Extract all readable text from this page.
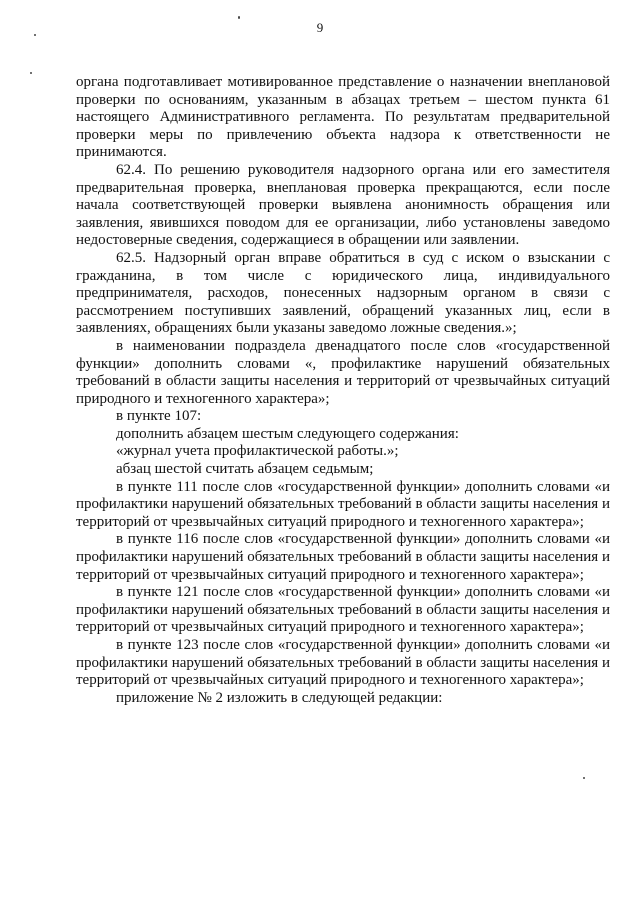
9

органа подготавливает мотивированное представление о назначении внеплановой проверки по основаниям, указанным в абзацах третьем – шестом пункта 61 настоящего Административного регламента. По результатам предварительной проверки меры по привлечению объекта надзора к ответственности не принимаются.

62.4. По решению руководителя надзорного органа или его заместителя предварительная проверка, внеплановая проверка прекращаются, если после начала соответствующей проверки выявлена анонимность обращения или заявления, явившихся поводом для ее организации, либо установлены заведомо недостоверные сведения, содержащиеся в обращении или заявлении.

62.5. Надзорный орган вправе обратиться в суд с иском о взыскании с гражданина, в том числе с юридического лица, индивидуального предпринимателя, расходов, понесенных надзорным органом в связи с рассмотрением поступивших заявлений, обращений указанных лиц, если в заявлениях, обращениях были указаны заведомо ложные сведения.»;

в наименовании подраздела двенадцатого после слов «государственной функции» дополнить словами «, профилактике нарушений обязательных требований в области защиты населения и территорий от чрезвычайных ситуаций природного и техногенного характера»;

в пункте 107:

дополнить абзацем шестым следующего содержания:

«журнал учета профилактической работы.»;

абзац шестой считать абзацем седьмым;

в пункте 111 после слов «государственной функции» дополнить словами «и профилактики нарушений обязательных требований в области защиты населения и территорий от чрезвычайных ситуаций природного и техногенного характера»;

в пункте 116 после слов «государственной функции» дополнить словами «и профилактики нарушений обязательных требований в области защиты населения и территорий от чрезвычайных ситуаций природного и техногенного характера»;

в пункте 121 после слов «государственной функции» дополнить словами «и профилактики нарушений обязательных требований в области защиты населения и территорий от чрезвычайных ситуаций природного и техногенного характера»;

в пункте 123 после слов «государственной функции» дополнить словами «и профилактики нарушений обязательных требований в области защиты населения и территорий от чрезвычайных ситуаций природного и техногенного характера»;

приложение № 2 изложить в следующей редакции:
